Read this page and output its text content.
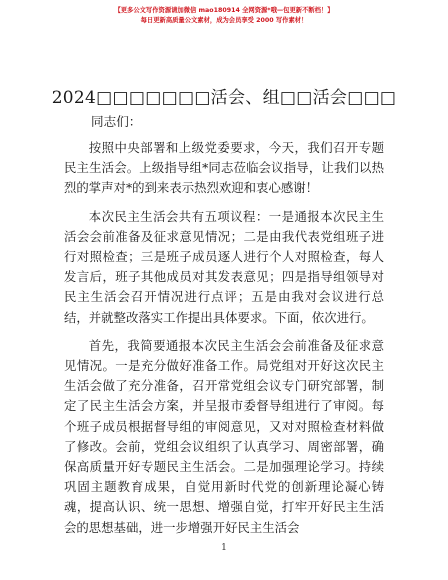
【更多公文写作资源请加微信 mao180914 全网资源*哦—包更新不断档！】
每日更新高质量公文素材，成为会员享受 2000 写作素材！
2024□□□□□□□活会、组□□活会□□□
同志们：

按照中央部署和上级党委要求，今天，我们召开专题民主生活会。上级指导组*同志莅临会议指导，让我们以热烈的掌声对*的到来表示热烈欢迎和衷心感谢！

本次民主生活会共有五项议程：一是通报本次民主生活会会前准备及征求意见情况；二是由我代表党组班子进行对照检查；三是班子成员逐人进行个人对照检查，每人发言后，班子其他成员对其发表意见；四是指导组领导对民主生活会召开情况进行点评；五是由我对会议进行总结，并就整改落实工作提出具体要求。下面，依次进行。

首先，我简要通报本次民主生活会会前准备及征求意见情况。一是充分做好准备工作。局党组对开好这次民主生活会做了充分准备，召开常党组会议专门研究部署，制定了民主生活会方案，并呈报市委督导组进行了审阅。每个班子成员根据督导组的审阅意见，又对对照检查材料做了修改。会前，党组会议组织了认真学习、周密部署，确保高质量开好专题民主生活会。二是加强理论学习。持续巩固主题教育成果，自觉用新时代党的创新理论凝心铸魂，提高认识、统一思想、增强自觉，打牢开好民主生活会的思想基础，进一步增强开好民主生活会

1
